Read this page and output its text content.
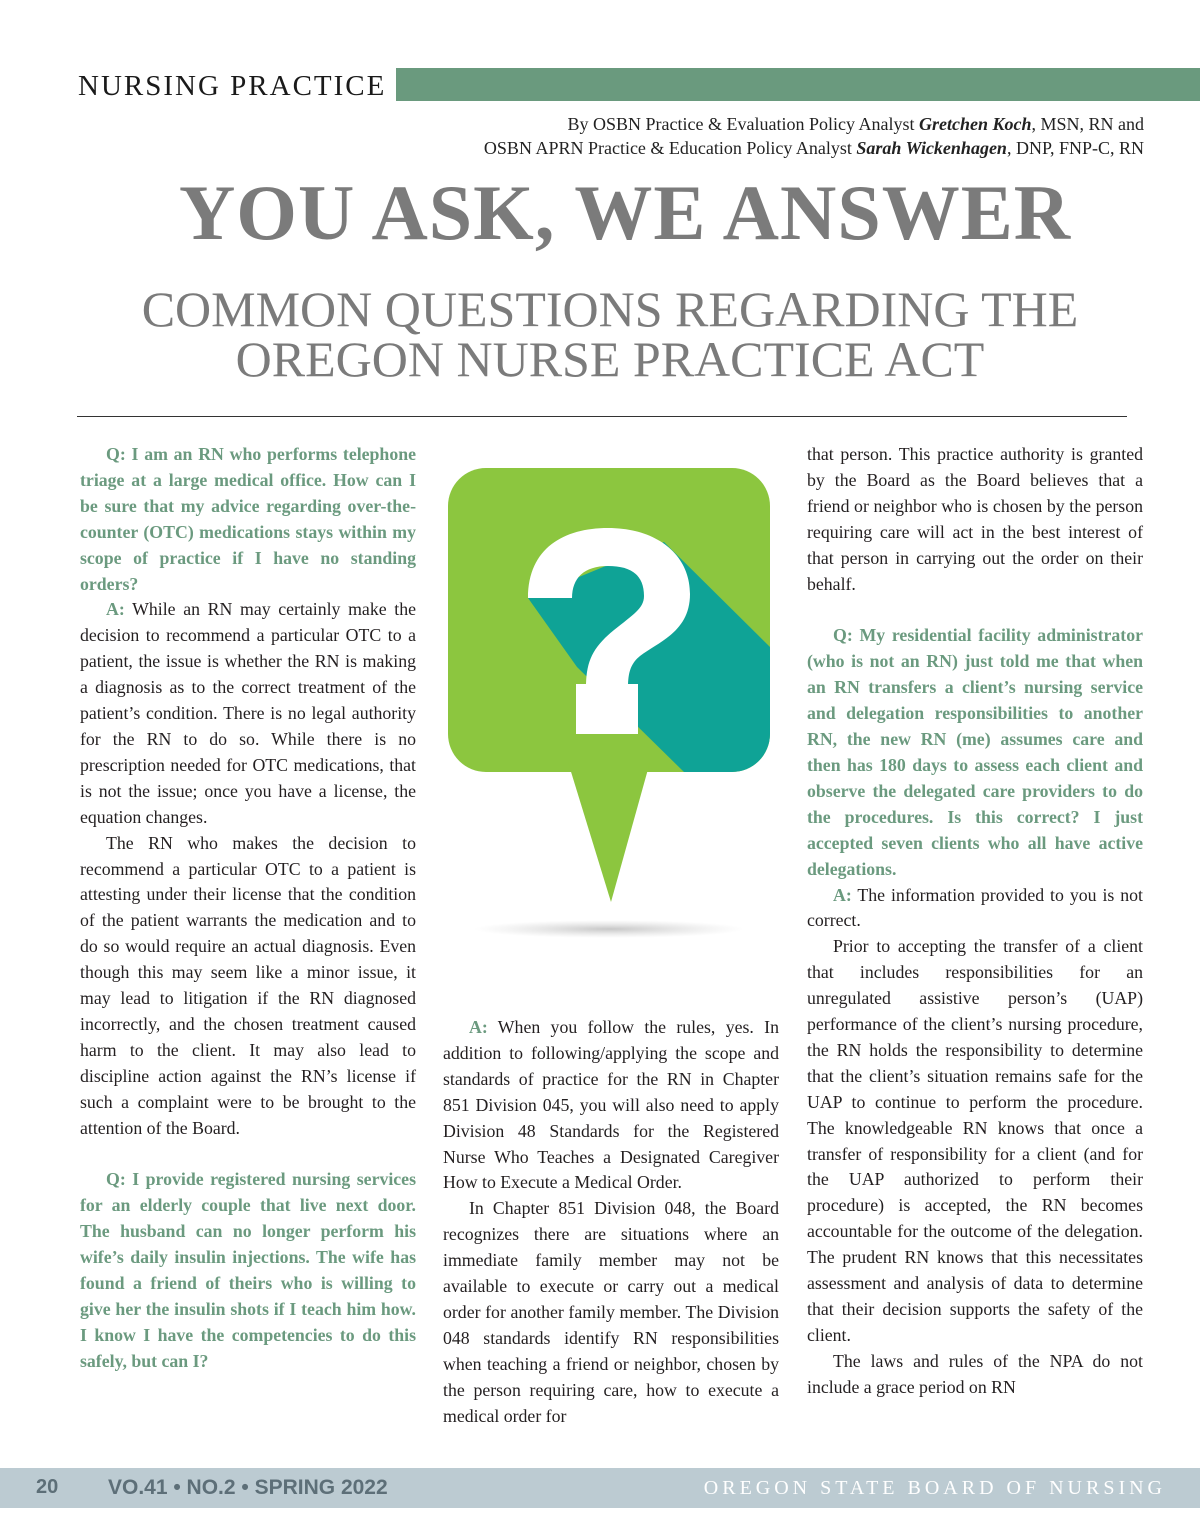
NURSING PRACTICE
By OSBN Practice & Evaluation Policy Analyst Gretchen Koch, MSN, RN and
OSBN APRN Practice & Education Policy Analyst Sarah Wickenhagen, DNP, FNP-C, RN
YOU ASK, WE ANSWER
COMMON QUESTIONS REGARDING THE
OREGON NURSE PRACTICE ACT

Q: I am an RN who performs telephone triage at a large medical office. How can I be sure that my advice regarding over-the-counter (OTC) medications stays within my scope of practice if I have no standing orders?

A: While an RN may certainly make the decision to recommend a particular OTC to a patient, the issue is whether the RN is making a diagnosis as to the correct treatment of the patient’s condition. There is no legal authority for the RN to do so. While there is no prescription needed for OTC medications, that is not the issue; once you have a license, the equation changes.

The RN who makes the decision to recommend a particular OTC to a patient is attesting under their license that the condition of the patient warrants the medication and to do so would require an actual diagnosis. Even though this may seem like a minor issue, it may lead to litigation if the RN diagnosed incorrectly, and the chosen treatment caused harm to the client. It may also lead to discipline action against the RN’s license if such a complaint were to be brought to the attention of the Board.

Q: I provide registered nursing services for an elderly couple that live next door. The husband can no longer perform his wife’s daily insulin injections. The wife has found a friend of theirs who is willing to give her the insulin shots if I teach him how. I know I have the competencies to do this safely, but can I?

A: When you follow the rules, yes. In addition to following/applying the scope and standards of practice for the RN in Chapter 851 Division 045, you will also need to apply Division 48 Standards for the Registered Nurse Who Teaches a Designated Caregiver How to Execute a Medical Order.

In Chapter 851 Division 048, the Board recognizes there are situations where an immediate family member may not be available to execute or carry out a medical order for another family member. The Division 048 standards identify RN responsibilities when teaching a friend or neighbor, chosen by the person requiring care, how to execute a medical order for

that person. This practice authority is granted by the Board as the Board believes that a friend or neighbor who is chosen by the person requiring care will act in the best interest of that person in carrying out the order on their behalf.

Q: My residential facility administrator (who is not an RN) just told me that when an RN transfers a client’s nursing service and delegation responsibilities to another RN, the new RN (me) assumes care and then has 180 days to assess each client and observe the delegated care providers to do the procedures. Is this correct? I just accepted seven clients who all have active delegations.

A: The information provided to you is not correct.

Prior to accepting the transfer of a client that includes responsibilities for an unregulated assistive person’s (UAP) performance of the client’s nursing procedure, the RN holds the responsibility to determine that the client’s situation remains safe for the UAP to continue to perform the procedure. The knowledgeable RN knows that once a transfer of responsibility for a client (and for the UAP authorized to perform their procedure) is accepted, the RN becomes accountable for the outcome of the delegation. The prudent RN knows that this necessitates assessment and analysis of data to determine that their decision supports the safety of the client.

The laws and rules of the NPA do not include a grace period on RN

20 VO.41 • NO.2 • SPRING 2022	OREGON STATE BOARD OF NURSING
